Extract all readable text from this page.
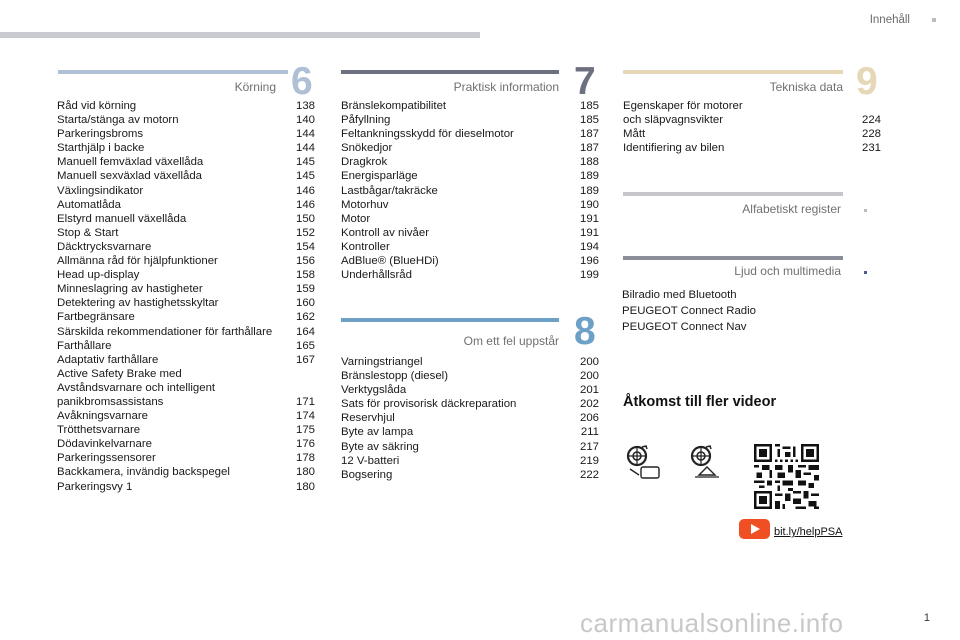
Innehåll
Körning 6
Råd vid körning	138
Starta/stänga av motorn	140
Parkeringsbroms	144
Starthjälp i backe	144
Manuell femväxlad växellåda	145
Manuell sexväxlad växellåda	145
Växlingsindikator	146
Automatlåda	146
Elstyrd manuell växellåda	150
Stop & Start	152
Däcktrycksvarnare	154
Allmänna råd för hjälpfunktioner	156
Head up-display	158
Minneslagring av hastigheter	159
Detektering av hastighetsskyltar	160
Fartbegränsare	162
Särskilda rekommendationer för farthållare 164
Farthållare	165
Adaptativ farthållare	167
Active Safety Brake med
Avståndsvarnare och intelligent
panikbromsassistans	171
Avåkningsvarnare	174
Trötthetsvarnare	175
Dödavinkelvarnare	176
Parkeringssensorer	178
Backkamera, invändig backspegel	180
Parkeringsvy 1	180
Praktisk information 7
Bränslekompatibilitet	185
Påfyllning	185
Feltankningsskydd för dieselmotor	187
Snökedjor	187
Dragkrok	188
Energisparläge	189
Lastbågar/takräcke	189
Motorhuv	190
Motor	191
Kontroll av nivåer	191
Kontroller	194
AdBlue® (BlueHDi)	196
Underhållsråd	199
Om ett fel uppstår 8
Varningstriangel	200
Bränslestopp (diesel)	200
Verktygslåda	201
Sats för provisorisk däckreparation	202
Reservhjul	206
Byte av lampa	211
Byte av säkring	217
12 V-batteri	219
Bogsering	222
Tekniska data 9
Egenskaper för motorer
och släpvagnsvikter	224
Mått	228
Identifiering av bilen	231
Alfabetiskt register
Ljud och multimedia
Bilradio med Bluetooth
PEUGEOT Connect Radio
PEUGEOT Connect Nav
Åtkomst till fler videor
bit.ly/helpPSA
carmanualsonline.info	1
